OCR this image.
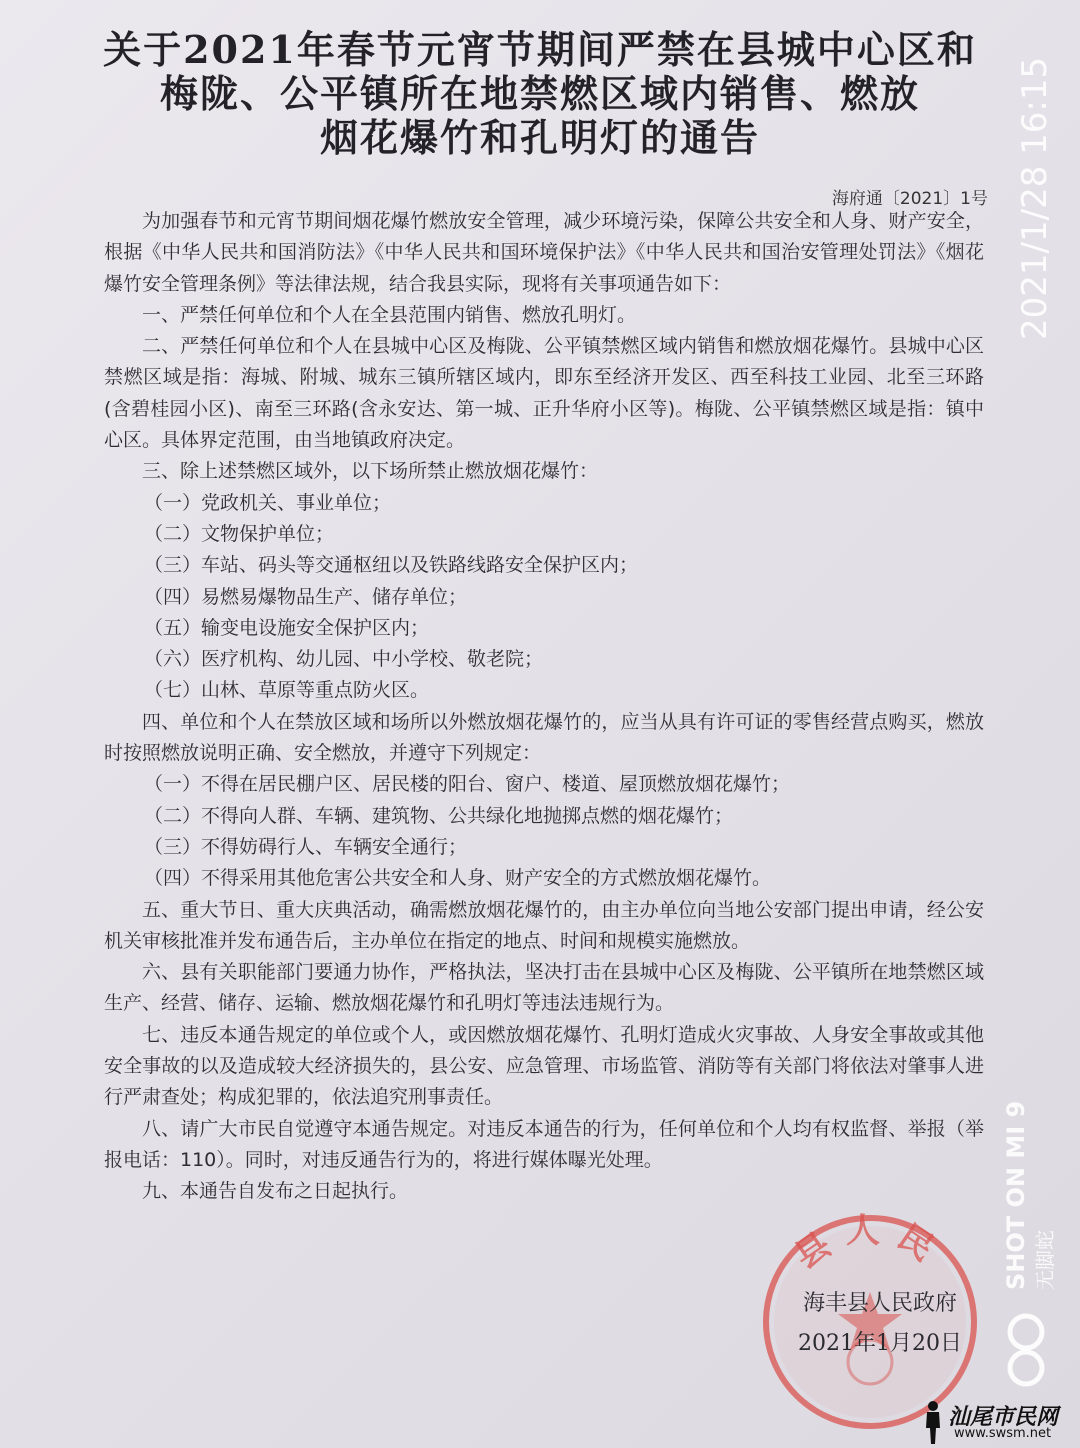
关于2021年春节元宵节期间严禁在县城中心区和
梅陇、公平镇所在地禁燃区域内销售、燃放
烟花爆竹和孔明灯的通告
海府通〔2021〕1号
为加强春节和元宵节期间烟花爆竹燃放安全管理，减少环境污染，保障公共安全和人身、财产安全，根据《中华人民共和国消防法》《中华人民共和国环境保护法》《中华人民共和国治安管理处罚法》《烟花爆竹安全管理条例》等法律法规，结合我县实际，现将有关事项通告如下：
一、严禁任何单位和个人在全县范围内销售、燃放孔明灯。
二、严禁任何单位和个人在县城中心区及梅陇、公平镇禁燃区域内销售和燃放烟花爆竹。县城中心区禁燃区域是指：海城、附城、城东三镇所辖区域内，即东至经济开发区、西至科技工业园、北至三环路(含碧桂园小区)、南至三环路(含永安达、第一城、正升华府小区等)。梅陇、公平镇禁燃区域是指：镇中心区。具体界定范围，由当地镇政府决定。
三、除上述禁燃区域外，以下场所禁止燃放烟花爆竹：
（一）党政机关、事业单位；
（二）文物保护单位；
（三）车站、码头等交通枢纽以及铁路线路安全保护区内；
（四）易燃易爆物品生产、储存单位；
（五）输变电设施安全保护区内；
（六）医疗机构、幼儿园、中小学校、敬老院；
（七）山林、草原等重点防火区。
四、单位和个人在禁放区域和场所以外燃放烟花爆竹的，应当从具有许可证的零售经营点购买，燃放时按照燃放说明正确、安全燃放，并遵守下列规定：
（一）不得在居民棚户区、居民楼的阳台、窗户、楼道、屋顶燃放烟花爆竹；
（二）不得向人群、车辆、建筑物、公共绿化地抛掷点燃的烟花爆竹；
（三）不得妨碍行人、车辆安全通行；
（四）不得采用其他危害公共安全和人身、财产安全的方式燃放烟花爆竹。
五、重大节日、重大庆典活动，确需燃放烟花爆竹的，由主办单位向当地公安部门提出申请，经公安机关审核批准并发布通告后，主办单位在指定的地点、时间和规模实施燃放。
六、县有关职能部门要通力协作，严格执法，坚决打击在县城中心区及梅陇、公平镇所在地禁燃区域生产、经营、储存、运输、燃放烟花爆竹和孔明灯等违法违规行为。
七、违反本通告规定的单位或个人，或因燃放烟花爆竹、孔明灯造成火灾事故、人身安全事故或其他安全事故的以及造成较大经济损失的，县公安、应急管理、市场监管、消防等有关部门将依法对肇事人进行严肃查处；构成犯罪的，依法追究刑事责任。
八、请广大市民自觉遵守本通告规定。对违反本通告的行为，任何单位和个人均有权监督、举报（举报电话：110）。同时，对违反通告行为的，将进行媒体曝光处理。
九、本通告自发布之日起执行。
县人民
海丰县人民政府
2021年1月20日
2021/1/28 16:15
SHOT ON MI 9 无脚蛇
汕尾市民网
www.swsm.net
